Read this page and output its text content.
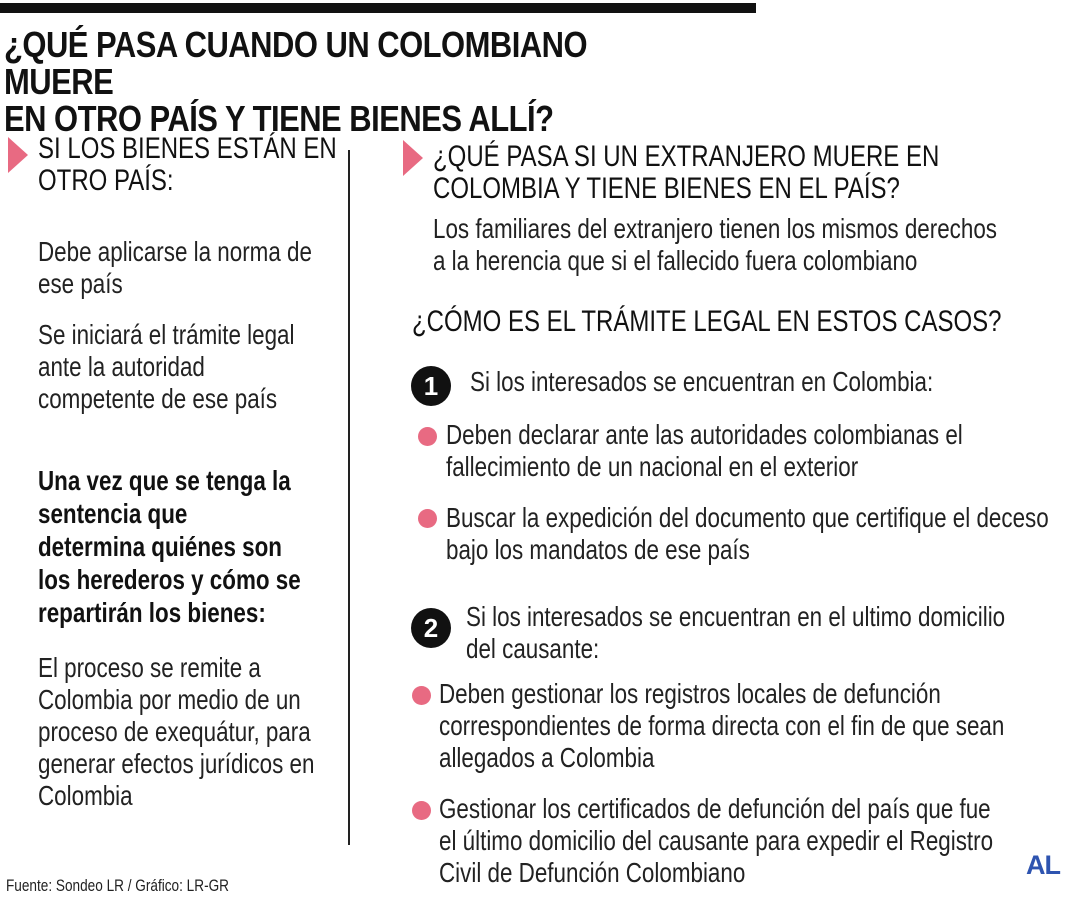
¿QUÉ PASA CUANDO UN COLOMBIANO MUERE
EN OTRO PAÍS Y TIENE BIENES ALLÍ?
SI LOS BIENES ESTÁN EN
OTRO PAÍS:
Debe aplicarse la norma de
ese país
Se iniciará el trámite legal
ante la autoridad
competente de ese país
Una vez que se tenga la
sentencia que
determina quiénes son
los herederos y cómo se
repartirán los bienes:
El proceso se remite a
Colombia por medio de un
proceso de exequátur, para
generar efectos jurídicos en
Colombia
¿QUÉ PASA SI UN EXTRANJERO MUERE EN
COLOMBIA Y TIENE BIENES EN EL PAÍS?
Los familiares del extranjero tienen los mismos derechos
a la herencia que si el fallecido fuera colombiano
¿CÓMO ES EL TRÁMITE LEGAL EN ESTOS CASOS?
1	Si los interesados se encuentran en Colombia:
Deben declarar ante las autoridades colombianas el
fallecimiento de un nacional en el exterior
Buscar la expedición del documento que certifique el deceso
bajo los mandatos de ese país
2 Si los interesados se encuentran en el ultimo domicilio
del causante:
Deben gestionar los registros locales de defunción
correspondientes de forma directa con el fin de que sean
allegados a Colombia
Gestionar los certificados de defunción del país que fue
el último domicilio del causante para expedir el Registro
Civil de Defunción Colombiano
Fuente: Sondeo LR / Gráfico: LR-GR
AL
